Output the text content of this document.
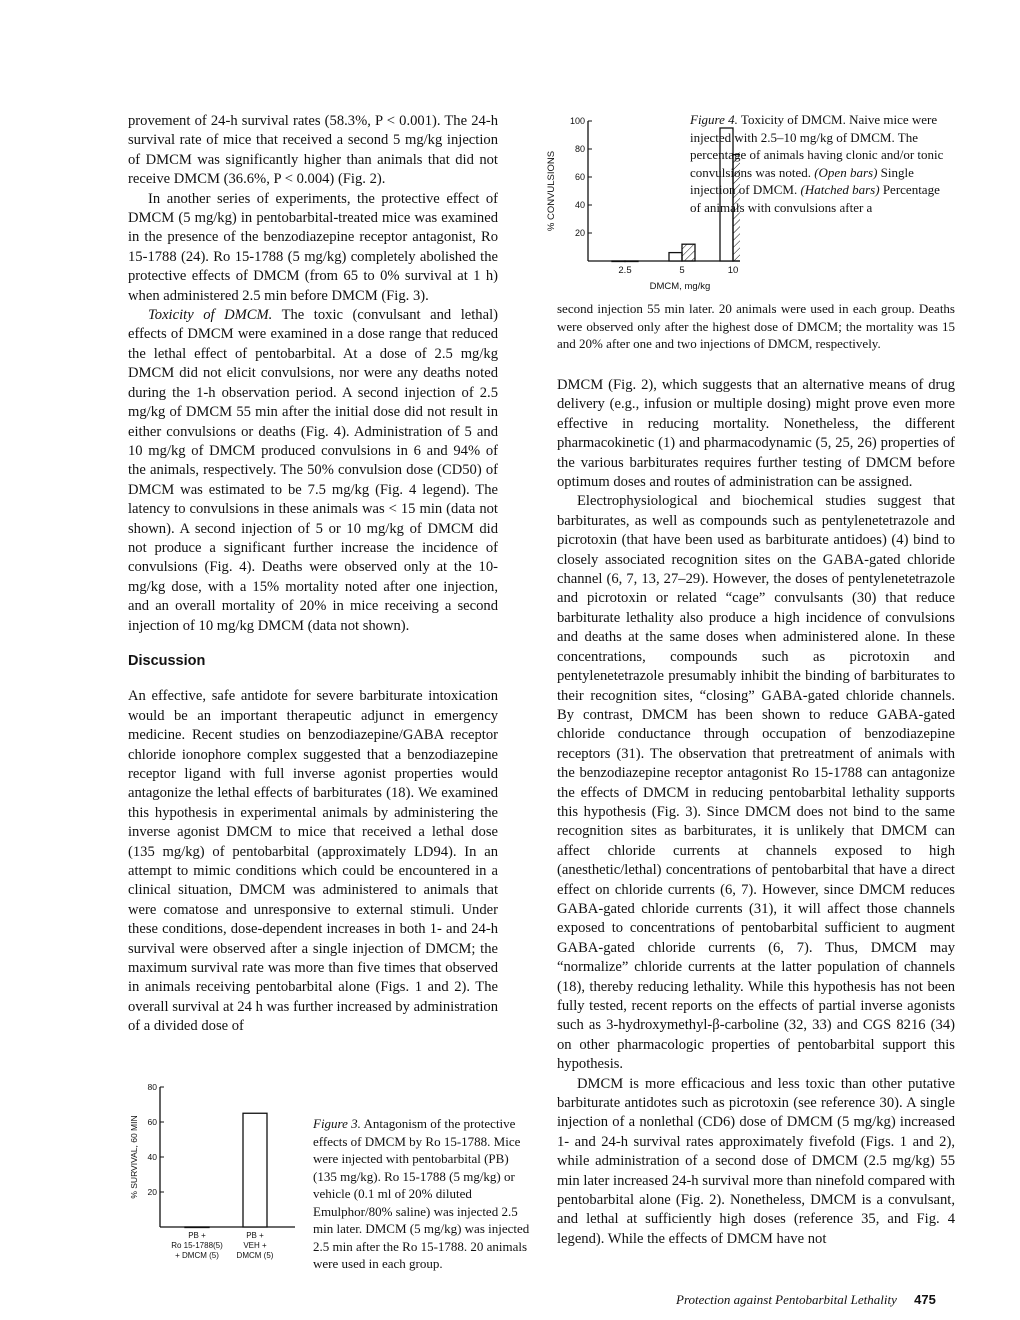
provement of 24-h survival rates (58.3%, P < 0.001). The 24-h survival rate of mice that received a second 5 mg/kg injection of DMCM was significantly higher than animals that did not receive DMCM (36.6%, P < 0.004) (Fig. 2).

In another series of experiments, the protective effect of DMCM (5 mg/kg) in pentobarbital-treated mice was examined in the presence of the benzodiazepine receptor antagonist, Ro 15-1788 (24). Ro 15-1788 (5 mg/kg) completely abolished the protective effects of DMCM (from 65 to 0% survival at 1 h) when administered 2.5 min before DMCM (Fig. 3).

Toxicity of DMCM. The toxic (convulsant and lethal) effects of DMCM were examined in a dose range that reduced the lethal effect of pentobarbital. At a dose of 2.5 mg/kg DMCM did not elicit convulsions, nor were any deaths noted during the 1-h observation period. A second injection of 2.5 mg/kg of DMCM 55 min after the initial dose did not result in either convulsions or deaths (Fig. 4). Administration of 5 and 10 mg/kg of DMCM produced convulsions in 6 and 94% of the animals, respectively. The 50% convulsion dose (CD50) of DMCM was estimated to be 7.5 mg/kg (Fig. 4 legend). The latency to convulsions in these animals was < 15 min (data not shown). A second injection of 5 or 10 mg/kg of DMCM did not produce a significant further increase the incidence of convulsions (Fig. 4). Deaths were observed only at the 10-mg/kg dose, with a 15% mortality noted after one injection, and an overall mortality of 20% in mice receiving a second injection of 10 mg/kg DMCM (data not shown).

Discussion

An effective, safe antidote for severe barbiturate intoxication would be an important therapeutic adjunct in emergency medicine. Recent studies on benzodiazepine/GABA receptor chloride ionophore complex suggested that a benzodiazepine receptor ligand with full inverse agonist properties would antagonize the lethal effects of barbiturates (18). We examined this hypothesis in experimental animals by administering the inverse agonist DMCM to mice that received a lethal dose (135 mg/kg) of pentobarbital (approximately LD94). In an attempt to mimic conditions which could be encountered in a clinical situation, DMCM was administered to animals that were comatose and unresponsive to external stimuli. Under these conditions, dose-dependent increases in both 1- and 24-h survival were observed after a single injection of DMCM; the maximum survival rate was more than five times that observed in animals receiving pentobarbital alone (Figs. 1 and 2). The overall survival at 24 h was further increased by administration of a divided dose of

20
40
60
80
100
% CONVULSIONS
2.5	5	10
DMCM, mg/kg
Figure 4. Toxicity of DMCM. Naive mice were injected with 2.5–10 mg/kg of DMCM. The percentage of animals having clonic and/or tonic convulsions was noted. (Open bars) Single injection of DMCM. (Hatched bars) Percentage of animals with convulsions after a
second injection 55 min later. 20 animals were used in each group. Deaths were observed only after the highest dose of DMCM; the mortality was 15 and 20% after one and two injections of DMCM, respectively.

DMCM (Fig. 2), which suggests that an alternative means of drug delivery (e.g., infusion or multiple dosing) might prove even more effective in reducing mortality. Nonetheless, the different pharmacokinetic (1) and pharmacodynamic (5, 25, 26) properties of the various barbiturates requires further testing of DMCM before optimum doses and routes of administration can be assigned.

Electrophysiological and biochemical studies suggest that barbiturates, as well as compounds such as pentylenetetrazole and picrotoxin (that have been used as barbiturate antidoes) (4) bind to closely associated recognition sites on the GABA-gated chloride channel (6, 7, 13, 27–29). However, the doses of pentylenetetrazole and picrotoxin or related “cage” convulsants (30) that reduce barbiturate lethality also produce a high incidence of convulsions and deaths at the same doses when administered alone. In these concentrations, compounds such as picrotoxin and pentylenetetrazole presumably inhibit the binding of barbiturates to their recognition sites, “closing” GABA-gated chloride channels. By contrast, DMCM has been shown to reduce GABA-gated chloride conductance through occupation of benzodiazepine receptors (31). The observation that pretreatment of animals with the benzodiazepine receptor antagonist Ro 15-1788 can antagonize the effects of DMCM in reducing pentobarbital lethality supports this hypothesis (Fig. 3). Since DMCM does not bind to the same recognition sites as barbiturates, it is unlikely that DMCM can affect chloride currents at channels exposed to high (anesthetic/lethal) concentrations of pentobarbital that have a direct effect on chloride currents (6, 7). However, since DMCM reduces GABA-gated chloride currents (31), it will affect those channels exposed to concentrations of pentobarbital sufficient to augment GABA-gated chloride currents (6, 7). Thus, DMCM may “normalize” chloride currents at the latter population of channels (18), thereby reducing lethality. While this hypothesis has not been fully tested, recent reports on the effects of partial inverse agonists such as 3-hydroxymethyl-β-carboline (32, 33) and CGS 8216 (34) on other pharmacologic properties of pentobarbital support this hypothesis.

DMCM is more efficacious and less toxic than other putative barbiturate antidotes such as picrotoxin (see reference 30). A single injection of a nonlethal (CD6) dose of DMCM (5 mg/kg) increased 1- and 24-h survival rates approximately fivefold (Figs. 1 and 2), while administration of a second dose of DMCM (2.5 mg/kg) 55 min later increased 24-h survival more than ninefold compared with pentobarbital alone (Fig. 2). Nonetheless, DMCM is a convulsant, and lethal at sufficiently high doses (reference 35, and Fig. 4 legend). While the effects of DMCM have not

20
40
60
80
% SURVIVAL, 60 MIN
PB +
Ro 15-1788(5)
+ DMCM (5)
PB +
VEH +
DMCM (5)
Figure 3. Antagonism of the protective effects of DMCM by Ro 15-1788. Mice were injected with pentobarbital (PB) (135 mg/kg). Ro 15-1788 (5 mg/kg) or vehicle (0.1 ml of 20% diluted Emulphor/80% saline) was injected 2.5 min later. DMCM (5 mg/kg) was injected 2.5 min after the Ro 15-1788. 20 animals were used in each group.
Protection against Pentobarbital Lethality 475
